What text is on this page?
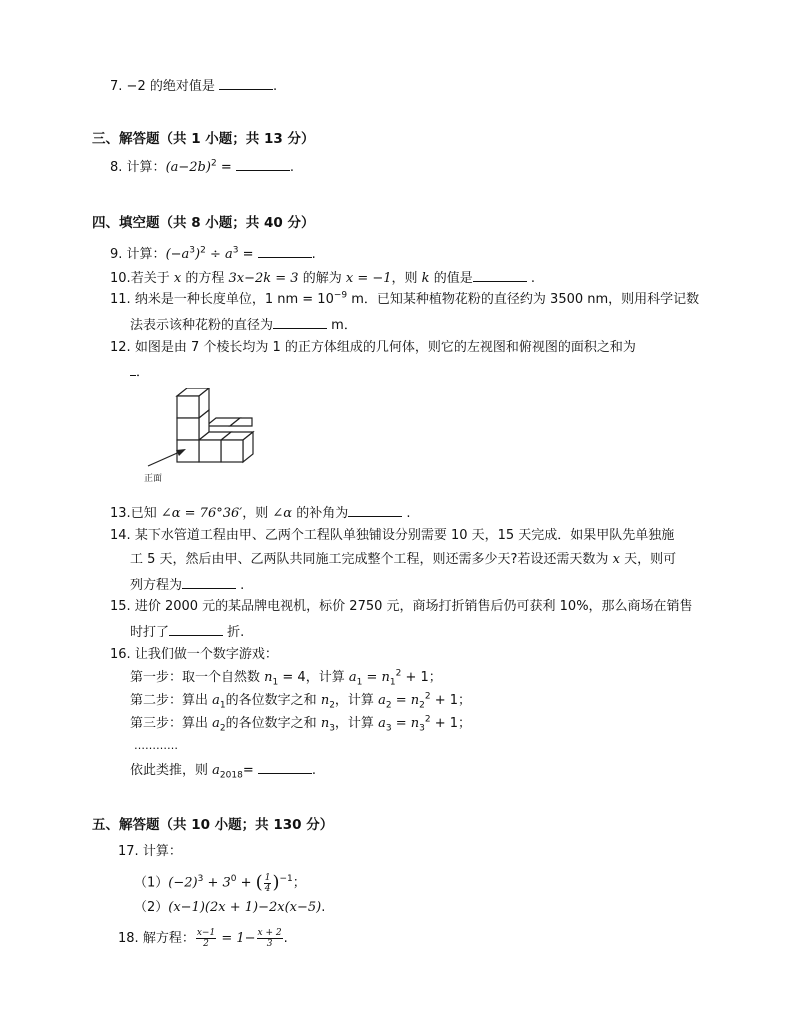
7. −2 的绝对值是	.
三、解答题（共 1 小题；共 13 分）
8. 计算：$(a-2b)^2$ =	.
四、填空题（共 8 小题；共 40 分）
9. 计算：$(-a^3)^2 \div a^3$ =	.
10.若关于 x 的方程 3x−2k = 3 的解为 x = −1，则 k 的值是	.
11. 纳米是一种长度单位，1 nm = $10^{-9}$ m．已知某种植物花粉的直径约为 3500 nm，则用科学记数
法表示该种花粉的直径为	m．
12. 如图是由 7 个棱长均为 1 的正方体组成的几何体，则它的左视图和俯视图的面积之和为
．
正面
13.已知 ∠α = 76°36′，则 ∠α 的补角为	.
14. 某下水管道工程由甲、乙两个工程队单独铺设分别需要 10 天，15 天完成．如果甲队先单独施
工 5 天，然后由甲、乙两队共同施工完成整个工程，则还需多少天?若设还需天数为 x 天，则可
列方程为	.
15. 进价 2000 元的某品牌电视机，标价 2750 元，商场打折销售后仍可获利 10%，那么商场在销售
时打了	折.
16. 让我们做一个数字游戏：
第一步：取一个自然数 $n_1 = 4$，计算 $a_1 = n_1^2 + 1$；
第二步：算出 $a_1$的各位数字之和 $n_2$，计算 $a_2 = n_2^2 + 1$；
第三步：算出 $a_2$的各位数字之和 $n_3$，计算 $a_3 = n_3^2 + 1$；
…………
依此类推，则 $a_{2018}=$	.
五、解答题（共 10 小题；共 130 分）
17. 计算：
$(1)(-2)^3 + 3^0$ + ( $\frac{1}{4} )^{-1}$；
（2）(x−1)(2x + 1)−2x(x−5).
18. 解方程： $\frac{x-1}{2} = 1- \frac{x + 2}{3}$ .
